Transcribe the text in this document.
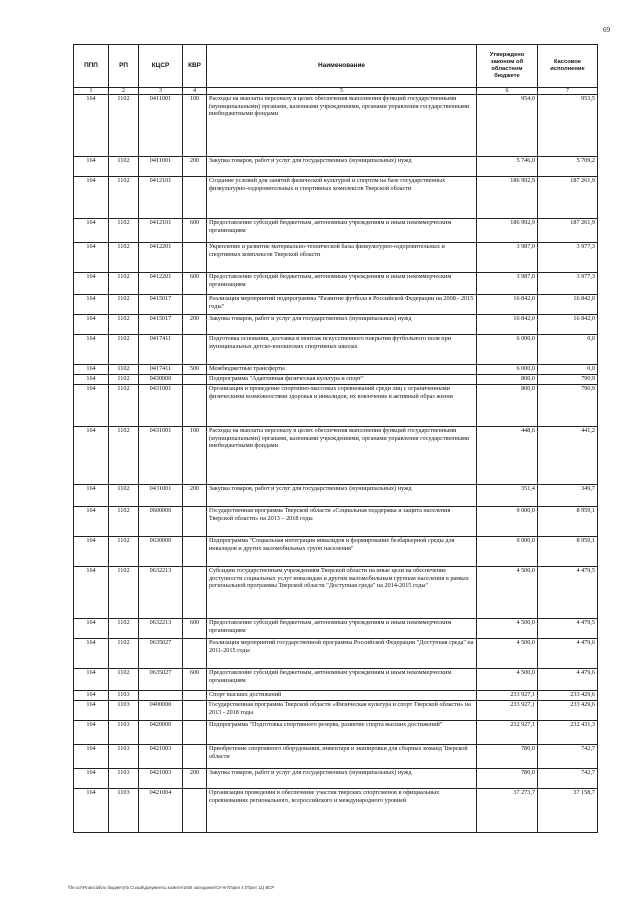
69
ППП	РП	КЦСР	КВР	Наименование	Утверждено законом об областном бюджете	Кассовое исполнение
1	2	3	4	5	6	7
164	1102	0411001	100	Расходы на выплаты персоналу в целях обеспечения выполнения функций государственными (муниципальными) органами, казенными учреждениями, органами управления государственными внебюджетными фондами	954,0	953,5
164	1102	0411001	200	Закупка товаров, работ и услуг для государственных (муниципальных) нужд	5 746,0	5 709,2
164	1102	0412101		Создание условий для занятий физической культурой и спортом на базе государственных физкультурно-оздоровительных и спортивных комплексов Тверской области	186 992,9	187 261,9
164	1102	0412101	600	Предоставление субсидий бюджетным, автономным учреждениям и иным некоммерческим организациям	186 992,9	187 261,9
164	1102	0412201		Укрепление и развитие материально-технической базы физкультурно-оздоровительных и спортивных комплексов Тверской области	3 987,0	3 977,3
164	1102	0412201	600	Предоставление субсидий бюджетным, автономным учреждениям и иным некоммерческим организациям	3 987,0	3 977,3
164	1102	0415017		Реализация мероприятий подпрограммы "Развитие футбола в Российской Федерации на 2008 - 2015 годы"	16 842,0	16 842,0
164	1102	0415017	200	Закупка товаров, работ и услуг для государственных (муниципальных) нужд	16 842,0	16 842,0
164	1102	0417411		Подготовка основания, доставка и монтаж искусственного покрытия футбольного поля при муниципальных детско-юношеских спортивных школах	6 000,0	0,0
164	1102	0417411	500	Межбюджетные трансферты	6 000,0	0,0
164	1102	0430000		Подпрограмма "Адаптивная физическая культура и спорт"	800,0	790,9
164	1102	0431001		Организация и проведение спортивно-массовых соревнований среди лиц с ограниченными физическими возможностями здоровья и инвалидов, их вовлечение в активный образ жизни	800,0	790,9
164	1102	0431001	100	Расходы на выплаты персоналу в целях обеспечения выполнения функций государственными (муниципальными) органами, казенными учреждениями, органами управления государственными внебюджетными фондами	448,6	441,2
164	1102	0431001	200	Закупка товаров, работ и услуг для государственных (муниципальных) нужд	351,4	349,7
164	1102	0600000		Государственная программа Тверской области «Социальная поддержка и защита населения Тверской области» на 2013 – 2018 годы	9 000,0	8 959,1
164	1102	0630000		Подпрограмма "Социальная интеграция инвалидов и формирование безбарьерной среды для инвалидов и других маломобильных групп населения"	9 000,0	8 959,1
164	1102	0632213		Субсидии государственным учреждениям Тверской области на иные цели на обеспечение доступности социальных услуг инвалидам и другим маломобильным группам населения в рамках региональной программы Тверской области "Доступная среда" на 2014-2015 годы"	4 500,0	4 479,5
164	1102	0632213	600	Предоставление субсидий бюджетным, автономным учреждениям и иным некоммерческим организациям	4 500,0	4 479,5
164	1102	0635027		Реализация мероприятий государственной программы Российской Федерации "Доступная среда" на 2011-2015 годы	4 500,0	4 479,6
164	1102	0635027	600	Предоставление субсидий бюджетным, автономным учреждениям и иным некоммерческим организациям	4 500,0	4 479,6
164	1103			Спорт высших достижений	233 927,1	233 429,6
164	1103	0400000		Государственная программа Тверской области «Физическая культура и спорт Тверской области» на 2013 - 2018 годы	233 927,1	233 429,6
164	1103	0420000		Подпрограмма "Подготовка спортивного резерва, развитие спорта высших достижений"	232 927,1	232 431,3
164	1103	0421003		Приобретение спортивного оборудования, инвентаря и экипировки для сборных команд Тверской области	780,0	742,7
164	1103	0421003	200	Закупка товаров, работ и услуг для государственных (муниципальных) нужд	780,0	742,7
164	1103	0421004		Организация проведения и обеспечение участия тверских спортсменов в официальных соревнованиях регионального, всероссийского и международного уровней	37 273,7	37 158,7
\\fs-ocr\Financial\по бюджету\5 Созыв\документы комитета\56 заседание\Отчет\Прил 4 (Прил 11) ВСР
